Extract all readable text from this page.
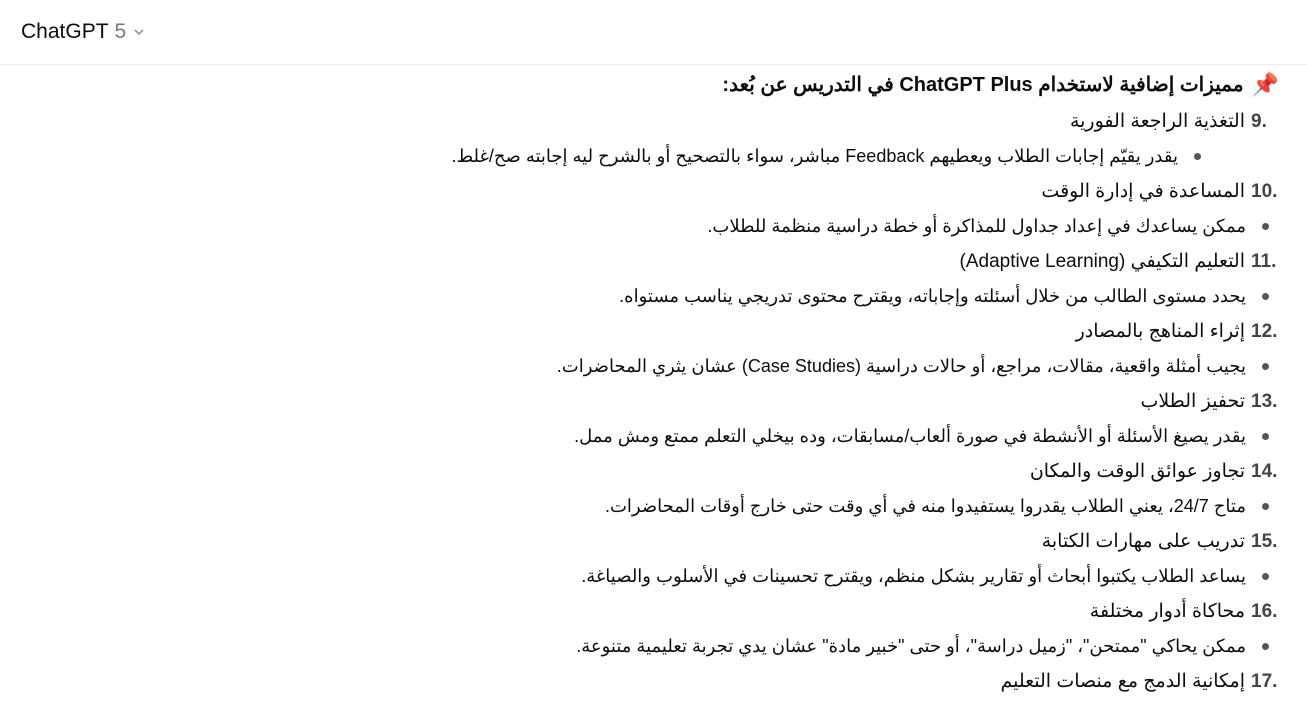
ChatGPT 5
📌
مميزات إضافية لاستخدام ChatGPT Plus في التدريس عن بُعد:
9.
التغذية الراجعة الفورية
يقدر يقيّم إجابات الطلاب ويعطيهم Feedback مباشر، سواء بالتصحيح أو بالشرح ليه إجابته صح/غلط.
10.
المساعدة في إدارة الوقت
ممكن يساعدك في إعداد جداول للمذاكرة أو خطة دراسية منظمة للطلاب.
11.
التعليم التكيفي (Adaptive Learning)
يحدد مستوى الطالب من خلال أسئلته وإجاباته، ويقترح محتوى تدريجي يناسب مستواه.
12.
إثراء المناهج بالمصادر
يجيب أمثلة واقعية، مقالات، مراجع، أو حالات دراسية (Case Studies) عشان يثري المحاضرات.
13.
تحفيز الطلاب
يقدر يصيغ الأسئلة أو الأنشطة في صورة ألعاب/مسابقات، وده بيخلي التعلم ممتع ومش ممل.
14.
تجاوز عوائق الوقت والمكان
متاح 24/7، يعني الطلاب يقدروا يستفيدوا منه في أي وقت حتى خارج أوقات المحاضرات.
15.
تدريب على مهارات الكتابة
يساعد الطلاب يكتبوا أبحاث أو تقارير بشكل منظم، ويقترح تحسينات في الأسلوب والصياغة.
16.
محاكاة أدوار مختلفة
ممكن يحاكي "ممتحن"، "زميل دراسة"، أو حتى "خبير مادة" عشان يدي تجربة تعليمية متنوعة.
17.
إمكانية الدمج مع منصات التعليم
